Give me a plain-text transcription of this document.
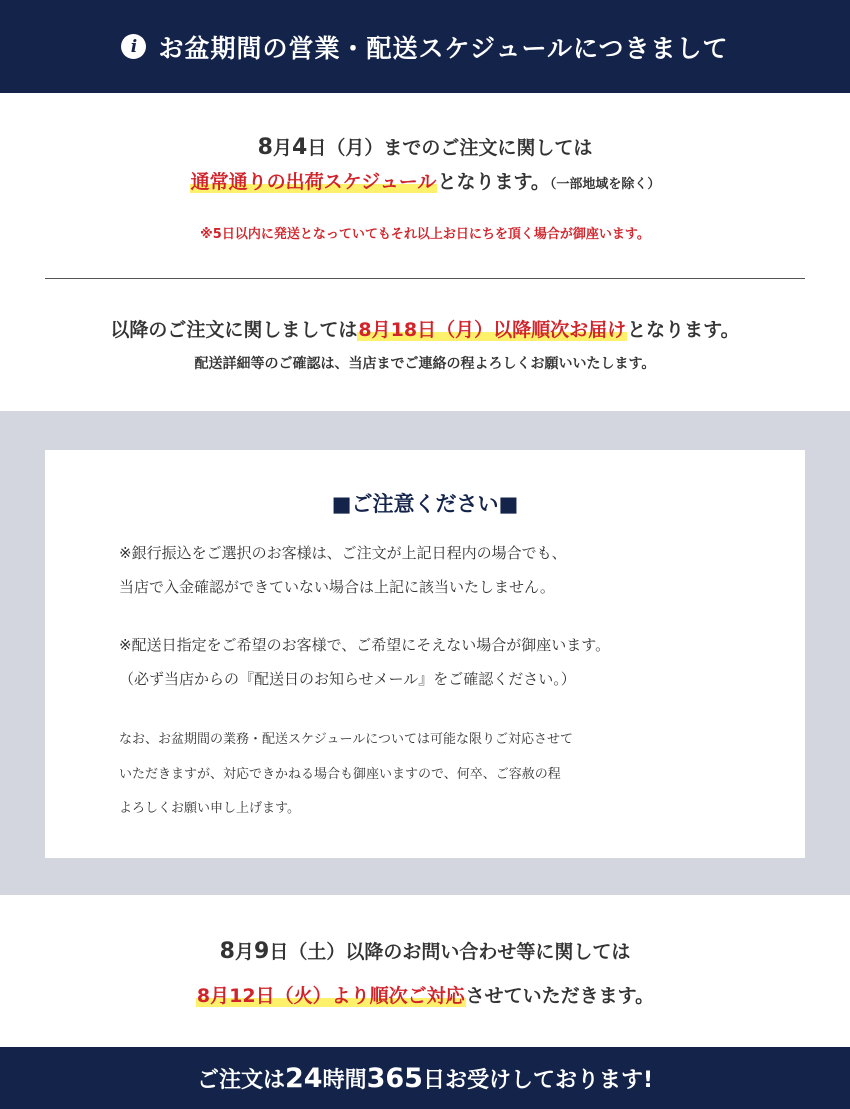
i お盆期間の営業・配送スケジュールにつきまして
8月4日（月）までのご注文に関しては
通常通りの出荷スケジュールとなります。（一部地域を除く）
※5日以内に発送となっていてもそれ以上お日にちを頂く場合が御座います。
以降のご注文に関しましては8月18日（月）以降順次お届けとなります。
配送詳細等のご確認は、当店までご連絡の程よろしくお願いいたします。
■ご注意ください■
※銀行振込をご選択のお客様は、ご注文が上記日程内の場合でも、
当店で入金確認ができていない場合は上記に該当いたしません。
※配送日指定をご希望のお客様で、ご希望にそえない場合が御座います。
（必ず当店からの『配送日のお知らせメール』をご確認ください。）
なお、お盆期間の業務・配送スケジュールについては可能な限りご対応させて
いただきますが、対応できかねる場合も御座いますので、何卒、ご容赦の程
よろしくお願い申し上げます。
8月9日（土）以降のお問い合わせ等に関しては
8月12日（火）より順次ご対応させていただきます。
ご注文は 24 時間 365 日 お受けしております!
